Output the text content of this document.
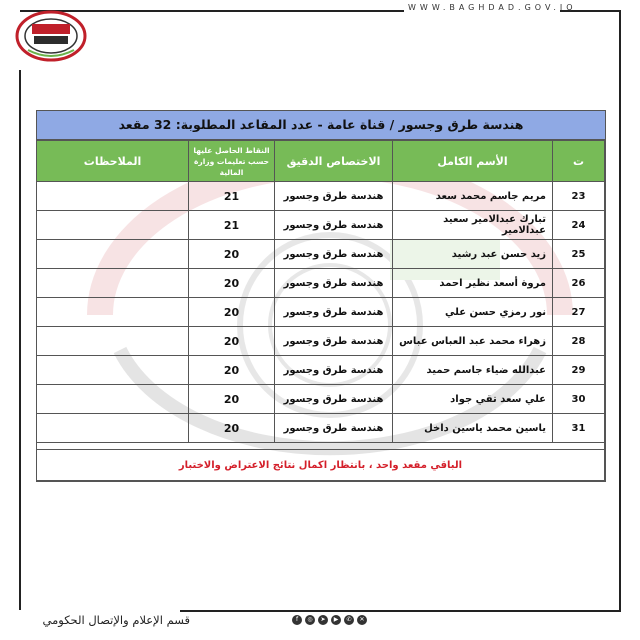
WWW.BAGHDAD.GOV.IQ
هندسة طرق وجسور / قناة عامة - عدد المقاعد المطلوبة: 32 مقعد
ت	الأسم الكامل	الاختصاص الدقيق	النقاط الحاصل عليها حسب تعليمات وزارة المالية	الملاحظات
23	مريم جاسم محمد سعد	هندسة طرق وجسور	21	
24	تبارك عبدالامير سعيد عبدالامير	هندسة طرق وجسور	21	
25	زيد حسن عبد رشيد	هندسة طرق وجسور	20	
26	مروة أسعد نظير احمد	هندسة طرق وجسور	20	
27	نور رمزي حسن علي	هندسة طرق وجسور	20	
28	زهراء محمد عبد العباس عباس	هندسة طرق وجسور	20	
29	عبدالله ضياء جاسم حميد	هندسة طرق وجسور	20	
30	علي سعد تقي جواد	هندسة طرق وجسور	20	
31	ياسين محمد ياسين داخل	هندسة طرق وجسور	20	

الباقي مقعد واحد ، بانتظار اكمال نتائج الاعتراض والاختبار				
f	◎	➤	▶	✆	✕
قسم الإعلام والإتصال الحكومي
